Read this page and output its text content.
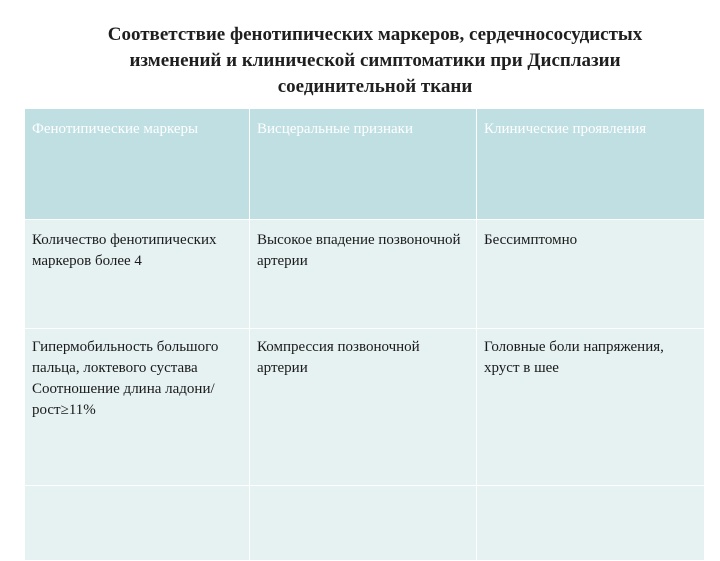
Соответствие фенотипических маркеров, сердечнососудистых
изменений и клинической симптоматики при Дисплазии
соединительной ткани
Фенотипические маркеры	Висцеральные признаки	Клинические проявления
Количество фенотипических маркеров более 4	Высокое впадение позвоночной артерии	Бессимптомно
Гипермобильность большого пальца, локтевого сустава Соотношение длина ладони/рост≥11%	Компрессия позвоночной артерии	Головные боли напряжения, хруст в шее
